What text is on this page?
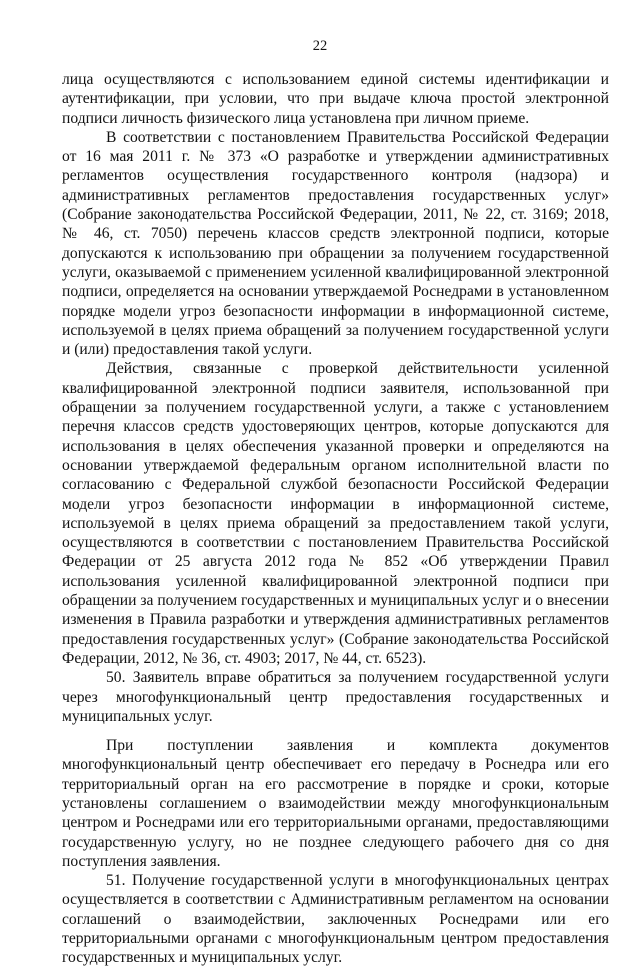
22

лица осуществляются с использованием единой системы идентификации и аутентификации, при условии, что при выдаче ключа простой электронной подписи личность физического лица установлена при личном приеме.

В соответствии с постановлением Правительства Российской Федерации от 16 мая 2011 г. № 373 «О разработке и утверждении административных регламентов осуществления государственного контроля (надзора) и административных регламентов предоставления государственных услуг» (Собрание законодательства Российской Федерации, 2011, № 22, ст. 3169; 2018, № 46, ст. 7050) перечень классов средств электронной подписи, которые допускаются к использованию при обращении за получением государственной услуги, оказываемой с применением усиленной квалифицированной электронной подписи, определяется на основании утверждаемой Роснедрами в установленном порядке модели угроз безопасности информации в информационной системе, используемой в целях приема обращений за получением государственной услуги и (или) предоставления такой услуги.

Действия, связанные с проверкой действительности усиленной квалифицированной электронной подписи заявителя, использованной при обращении за получением государственной услуги, а также с установлением перечня классов средств удостоверяющих центров, которые допускаются для использования в целях обеспечения указанной проверки и определяются на основании утверждаемой федеральным органом исполнительной власти по согласованию с Федеральной службой безопасности Российской Федерации модели угроз безопасности информации в информационной системе, используемой в целях приема обращений за предоставлением такой услуги, осуществляются в соответствии с постановлением Правительства Российской Федерации от 25 августа 2012 года № 852 «Об утверждении Правил использования усиленной квалифицированной электронной подписи при обращении за получением государственных и муниципальных услуг и о внесении изменения в Правила разработки и утверждения административных регламентов предоставления государственных услуг» (Собрание законодательства Российской Федерации, 2012, № 36, ст. 4903; 2017, № 44, ст. 6523).

50. Заявитель вправе обратиться за получением государственной услуги через многофункциональный центр предоставления государственных и муниципальных услуг.

При поступлении заявления и комплекта документов многофункциональный центр обеспечивает его передачу в Роснедра или его территориальный орган на его рассмотрение в порядке и сроки, которые установлены соглашением о взаимодействии между многофункциональным центром и Роснедрами или его территориальными органами, предоставляющими государственную услугу, но не позднее следующего рабочего дня со дня поступления заявления.

51. Получение государственной услуги в многофункциональных центрах осуществляется в соответствии с Административным регламентом на основании соглашений о взаимодействии, заключенных Роснедрами или его территориальными органами с многофункциональным центром предоставления государственных и муниципальных услуг.
